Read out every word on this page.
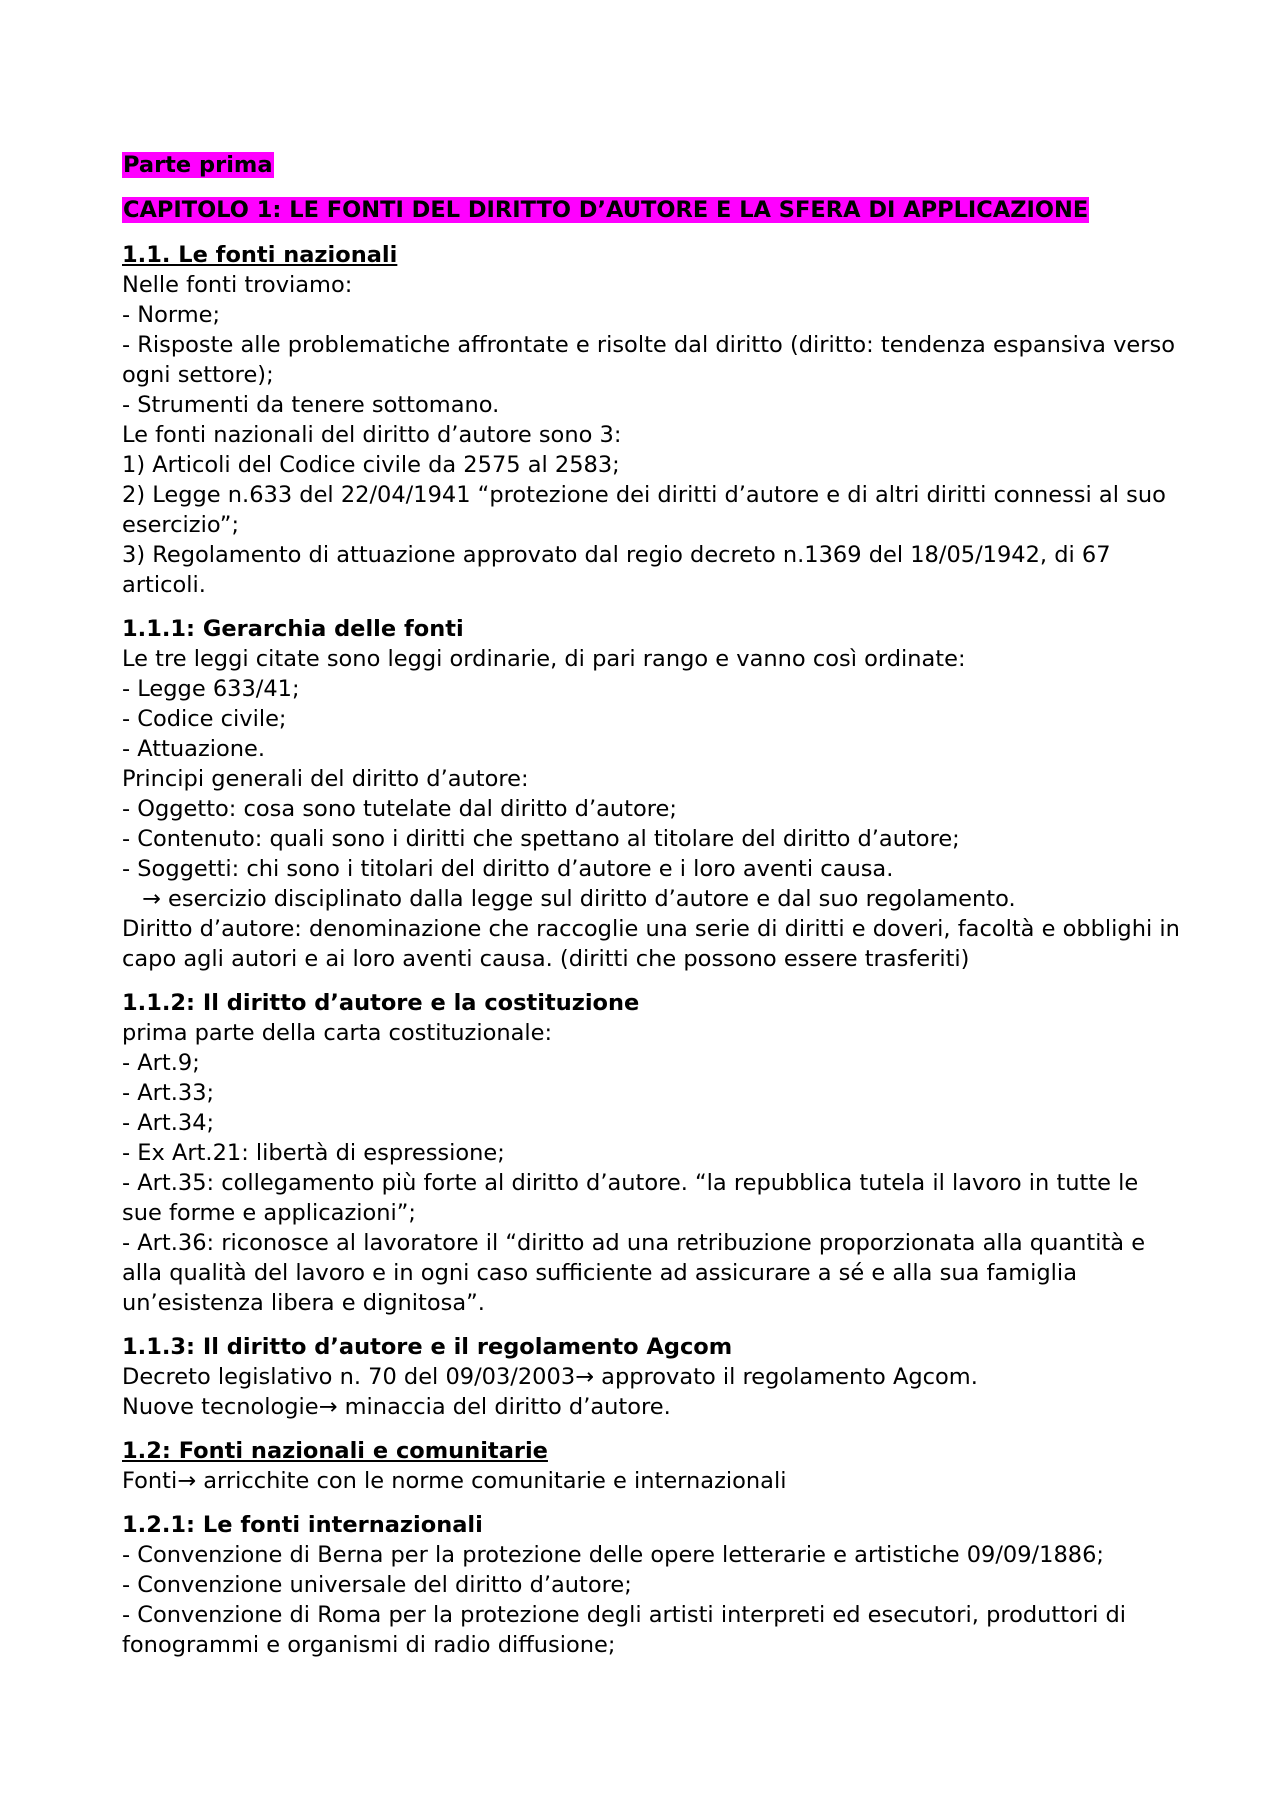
Parte prima
CAPITOLO 1: LE FONTI DEL DIRITTO D’AUTORE E LA SFERA DI APPLICAZIONE
1.1. Le fonti nazionali
Nelle fonti troviamo:
- Norme;
- Risposte alle problematiche affrontate e risolte dal diritto (diritto: tendenza espansiva verso ogni settore);
- Strumenti da tenere sottomano.
Le fonti nazionali del diritto d’autore sono 3:
1) Articoli del Codice civile da 2575 al 2583;
2) Legge n.633 del 22/04/1941 “protezione dei diritti d’autore e di altri diritti connessi al suo esercizio”;
3) Regolamento di attuazione approvato dal regio decreto n.1369 del 18/05/1942, di 67 articoli.
1.1.1: Gerarchia delle fonti
Le tre leggi citate sono leggi ordinarie, di pari rango e vanno così ordinate:
- Legge 633/41;
- Codice civile;
- Attuazione.
Principi generali del diritto d’autore:
- Oggetto: cosa sono tutelate dal diritto d’autore;
- Contenuto: quali sono i diritti che spettano al titolare del diritto d’autore;
- Soggetti: chi sono i titolari del diritto d’autore e i loro aventi causa.
→ esercizio disciplinato dalla legge sul diritto d’autore e dal suo regolamento.
Diritto d’autore: denominazione che raccoglie una serie di diritti e doveri, facoltà e obblighi in capo agli autori e ai loro aventi causa. (diritti che possono essere trasferiti)
1.1.2: Il diritto d’autore e la costituzione
prima parte della carta costituzionale:
- Art.9;
- Art.33;
- Art.34;
- Ex Art.21: libertà di espressione;
- Art.35: collegamento più forte al diritto d’autore. “la repubblica tutela il lavoro in tutte le sue forme e applicazioni”;
- Art.36: riconosce al lavoratore il “diritto ad una retribuzione proporzionata alla quantità e alla qualità del lavoro e in ogni caso sufficiente ad assicurare a sé e alla sua famiglia un’esistenza libera e dignitosa”.
1.1.3: Il diritto d’autore e il regolamento Agcom
Decreto legislativo n. 70 del 09/03/2003→ approvato il regolamento Agcom.
Nuove tecnologie→ minaccia del diritto d’autore.
1.2: Fonti nazionali e comunitarie
Fonti→ arricchite con le norme comunitarie e internazionali
1.2.1: Le fonti internazionali
- Convenzione di Berna per la protezione delle opere letterarie e artistiche 09/09/1886;
- Convenzione universale del diritto d’autore;
- Convenzione di Roma per la protezione degli artisti interpreti ed esecutori, produttori di fonogrammi e organismi di radio diffusione;
